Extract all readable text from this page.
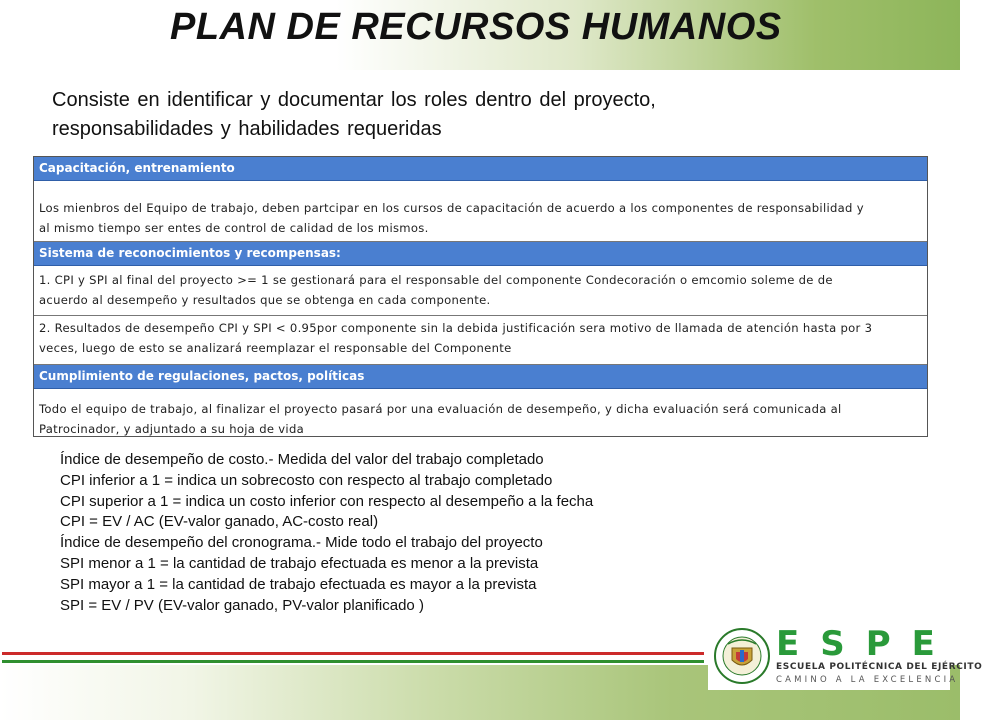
PLAN DE RECURSOS HUMANOS

Consiste en identificar y documentar los roles dentro del proyecto,
responsabilidades y habilidades requeridas

Capacitación, entrenamiento
Los mienbros del Equipo de trabajo, deben partcipar en los cursos de capacitación de acuerdo a los componentes de responsabilidad y
al mismo tiempo ser entes de control de calidad de los mismos.
Sistema de reconocimientos y recompensas:
1. CPI y SPI al final del proyecto >= 1 se gestionará para el responsable del componente Condecoración o emcomio soleme de de
acuerdo al desempeño y resultados que se obtenga en cada componente.
2. Resultados de desempeño CPI y SPI < 0.95por componente sin la debida justificación sera motivo de llamada de atención hasta por 3
veces, luego de esto se analizará reemplazar el responsable del Componente
Cumplimiento de regulaciones, pactos, políticas
Todo el equipo de trabajo, al finalizar el proyecto pasará por una evaluación de desempeño, y dicha evaluación será comunicada al
Patrocinador, y adjuntado a su hoja de vida
Índice de desempeño de costo.- Medida del valor del trabajo completado
CPI inferior a 1 = indica un sobrecosto con respecto al trabajo completado
CPI superior a 1 = indica un costo inferior con respecto al desempeño a la fecha
CPI = EV / AC (EV-valor ganado, AC-costo real)
Índice de desempeño del cronograma.- Mide todo el trabajo del proyecto
SPI menor a 1 = la cantidad de trabajo efectuada es menor a la prevista
SPI mayor a 1 = la cantidad de trabajo efectuada es mayor a la prevista
SPI = EV / PV (EV-valor ganado, PV-valor planificado )
ESPE
ESCUELA POLITÉCNICA DEL EJÉRCITO
CAMINO A LA EXCELENCIA
